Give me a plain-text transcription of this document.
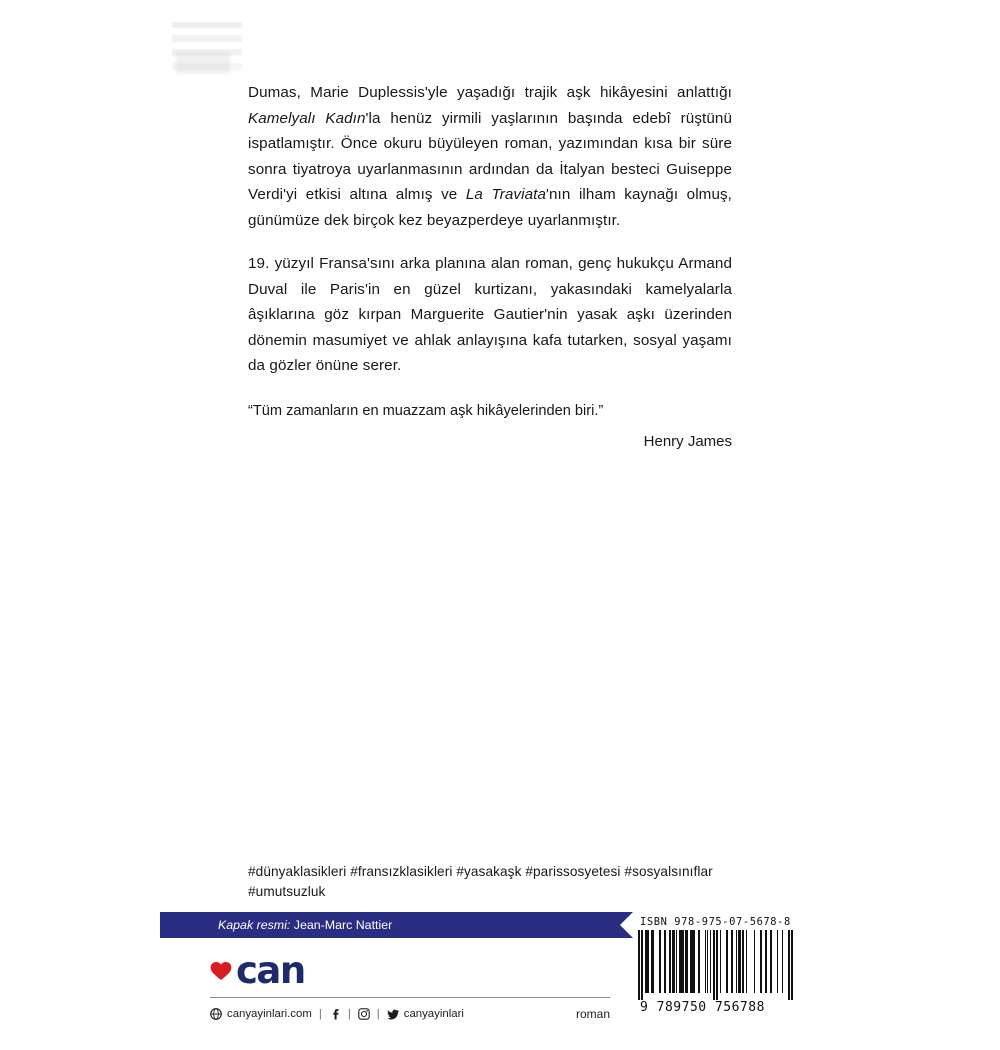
Dumas, Marie Duplessis'yle yaşadığı trajik aşk hikâyesini anlattığı Kamelyalı Kadın'la henüz yirmili yaşlarının başında edebî rüştünü ispatlamıştır. Önce okuru büyüleyen roman, yazımından kısa bir süre sonra tiyatroya uyarlanmasının ardından da İtalyan besteci Guiseppe Verdi'yi etkisi altına almış ve La Traviata'nın ilham kaynağı olmuş, günümüze dek birçok kez beyazperdeye uyarlanmıştır.

19. yüzyıl Fransa'sını arka planına alan roman, genç hukukçu Armand Duval ile Paris'in en güzel kurtizanı, yakasındaki kamelyalarla âşıklarına göz kırpan Marguerite Gautier'nin yasak aşkı üzerinden dönemin masumiyet ve ahlak anlayışına kafa tutarken, sosyal yaşamı da gözler önüne serer.

“Tüm zamanların en muazzam aşk hikâyelerinden biri.”
Henry James
#dünyaklasikleri #fransızklasikleri #yasakaşk #parissosyetesi #sosyalsınıflar #umutsuzluk
Kapak resmi: Jean-Marc Nattier
can
canyayinlari.com | | | canyayinlari	roman
ISBN 978-975-07-5678-8
9 789750 756788
